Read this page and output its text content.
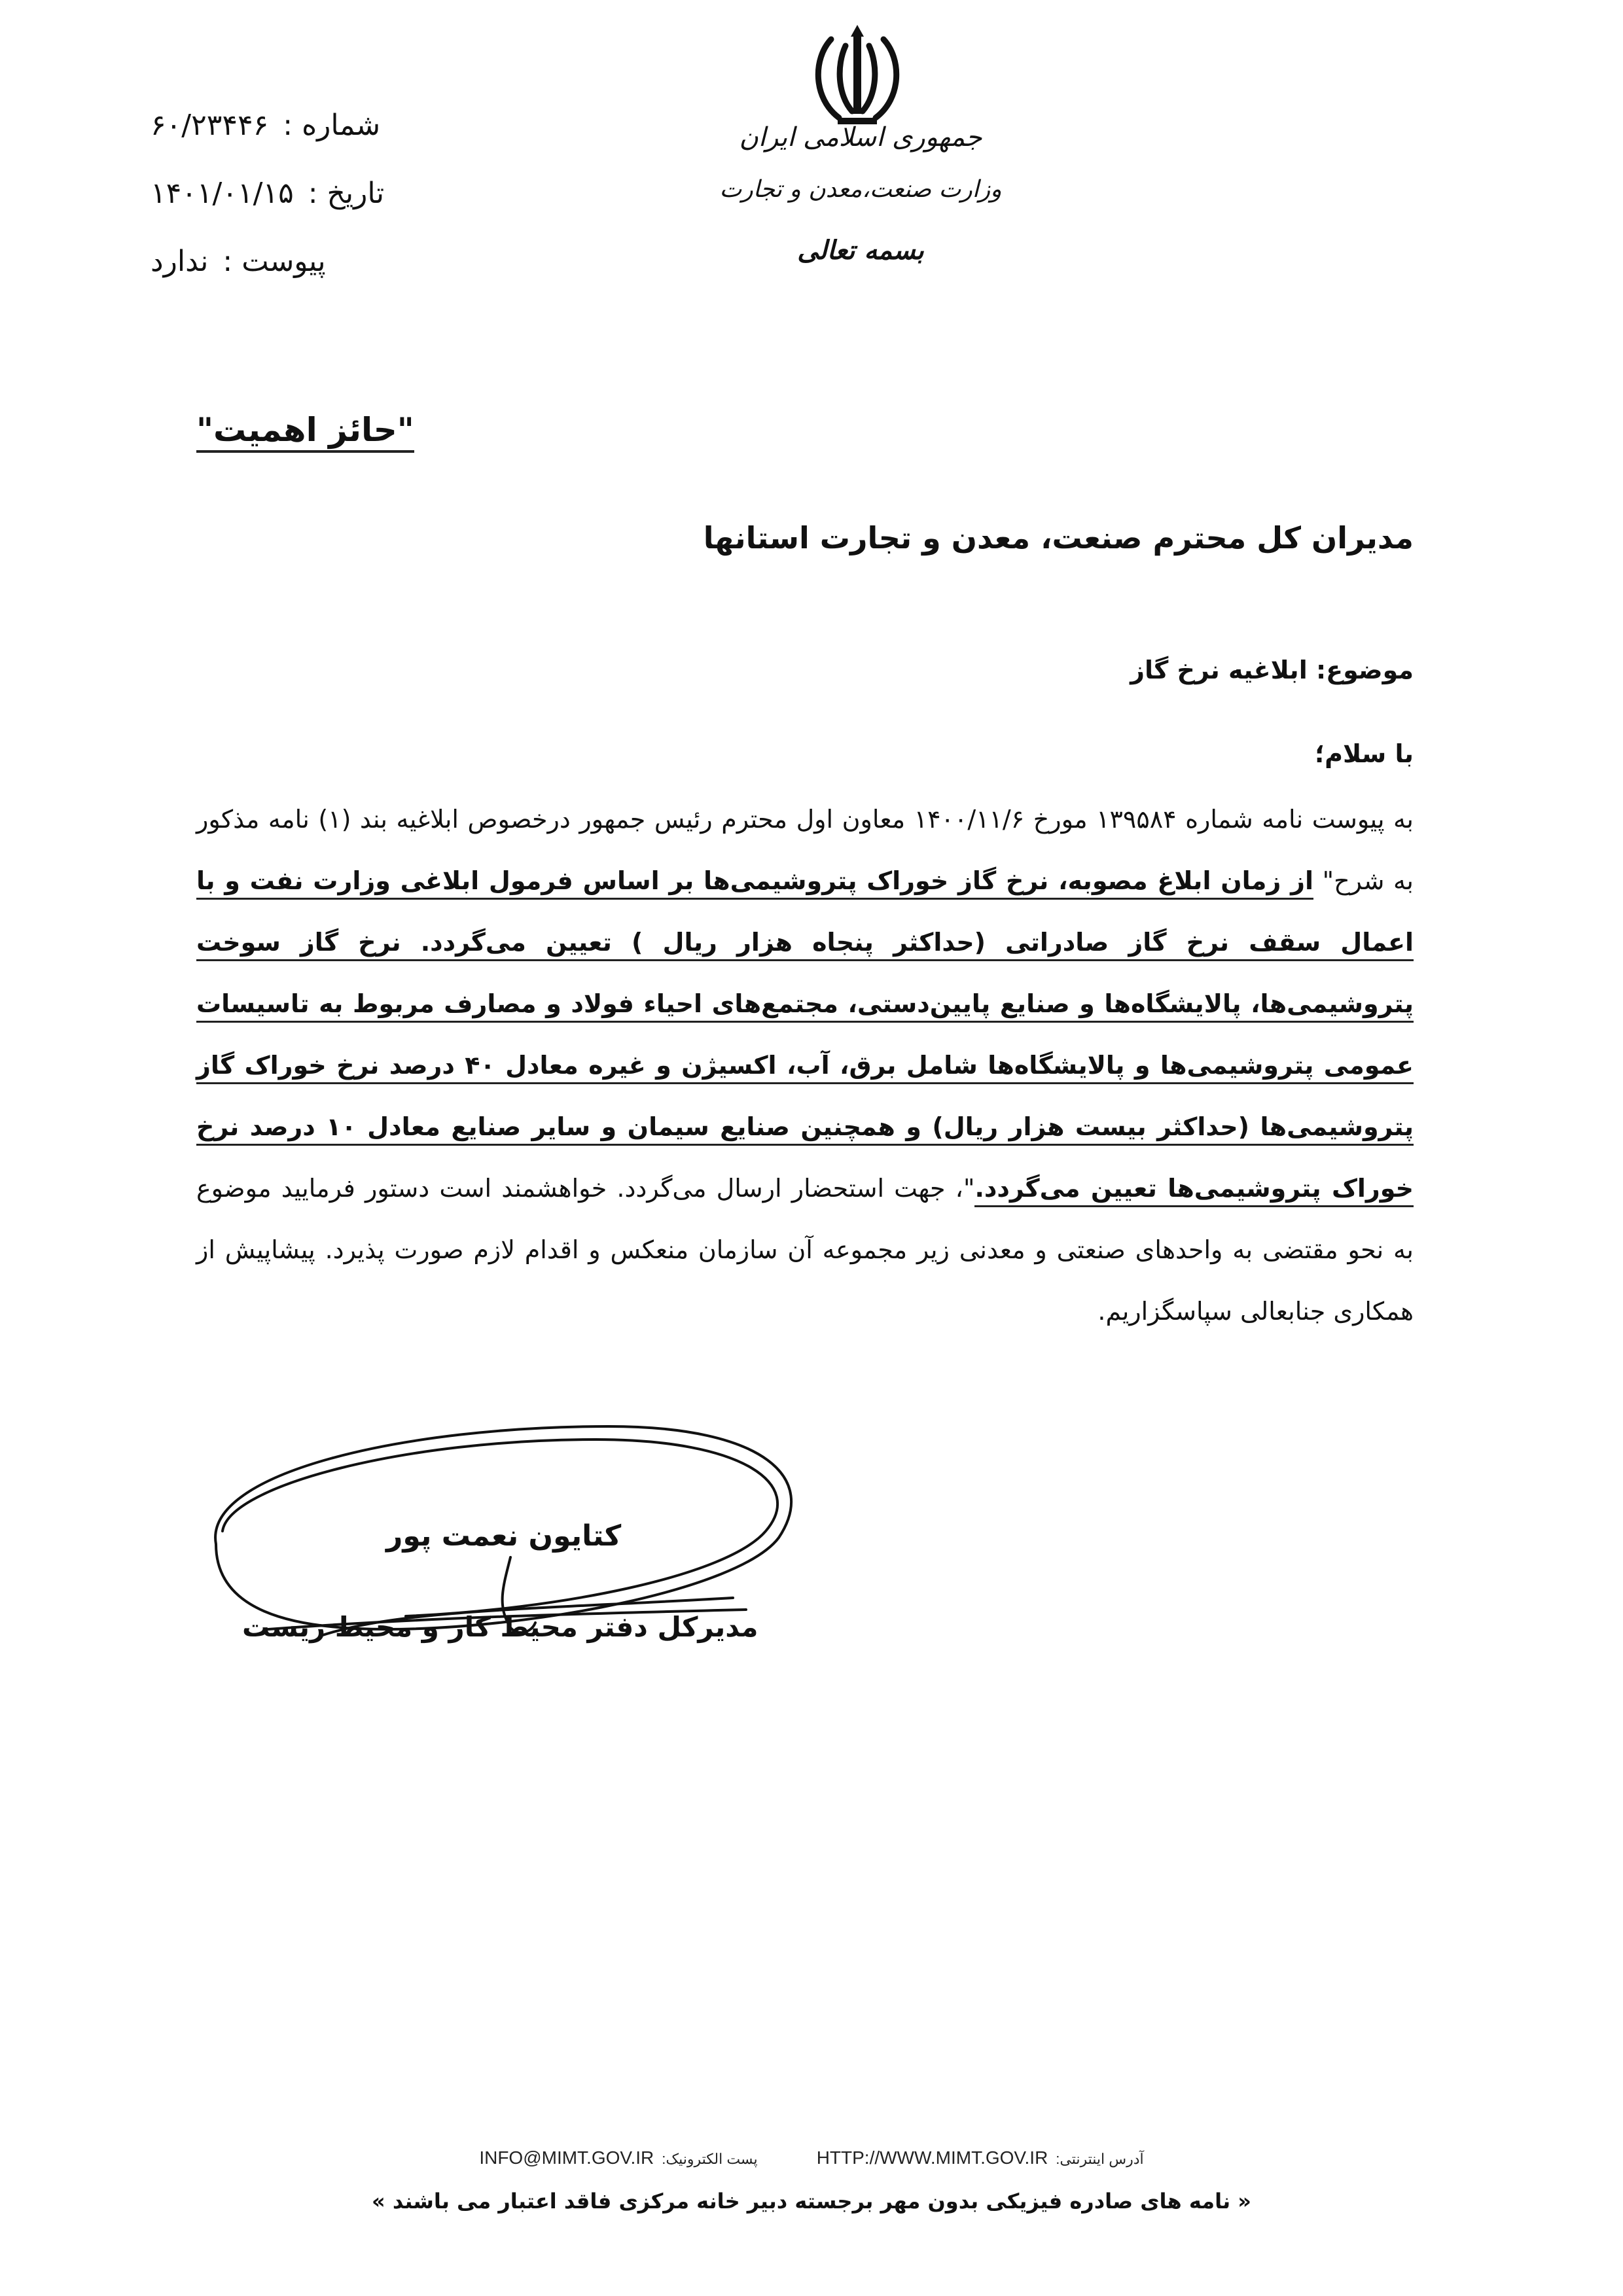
شماره :
۶۰/۲۳۴۴۶
تاریخ :
۱۴۰۱/۰۱/۱۵
پیوست :
ندارد
جمهوری اسلامی ایران
وزارت صنعت،معدن و تجارت
بسمه تعالی
"حائز اهمیت"
مدیران کل محترم صنعت، معدن و تجارت استانها
موضوع: ابلاغیه نرخ گاز
با سلام؛
به پیوست نامه شماره ۱۳۹۵۸۴ مورخ ۱۴۰۰/۱۱/۶ معاون اول محترم رئیس جمهور درخصوص ابلاغیه بند (۱) نامه مذکور به شرح" از زمان ابلاغ مصوبه، نرخ گاز خوراک پتروشیمی‌ها بر اساس فرمول ابلاغی وزارت نفت و با اعمال سقف نرخ گاز صادراتی (حداکثر پنجاه هزار ریال ) تعیین می‌گردد. نرخ گاز سوخت پتروشیمی‌ها، پالایشگاه‌ها و صنایع پایین‌دستی، مجتمع‌های احیاء فولاد و مصارف مربوط به تاسیسات عمومی پتروشیمی‌ها و پالایشگاه‌ها شامل برق، آب، اکسیژن و غیره معادل ۴۰ درصد نرخ خوراک گاز پتروشیمی‌ها (حداکثر بیست هزار ریال) و همچنین صنایع سیمان و سایر صنایع معادل ۱۰ درصد نرخ خوراک پتروشیمی‌ها تعیین می‌گردد."، جهت استحضار ارسال می‌گردد. خواهشمند است دستور فرمایید موضوع به نحو مقتضی به واحدهای صنعتی و معدنی زیر مجموعه آن سازمان منعکس و اقدام لازم صورت پذیرد. پیشاپیش از همکاری جنابعالی سپاسگزاریم.
کتایون نعمت پور
مدیرکل دفتر محیط کار و محیط زیست
INFO@MIMT.GOV.IR پست الکترونیک:	HTTP://WWW.MIMT.GOV.IR آدرس اینترنتی:
« نامه های صادره فیزیکی بدون مهر برجسته دبیر خانه مرکزی فاقد اعتبار می باشند »
